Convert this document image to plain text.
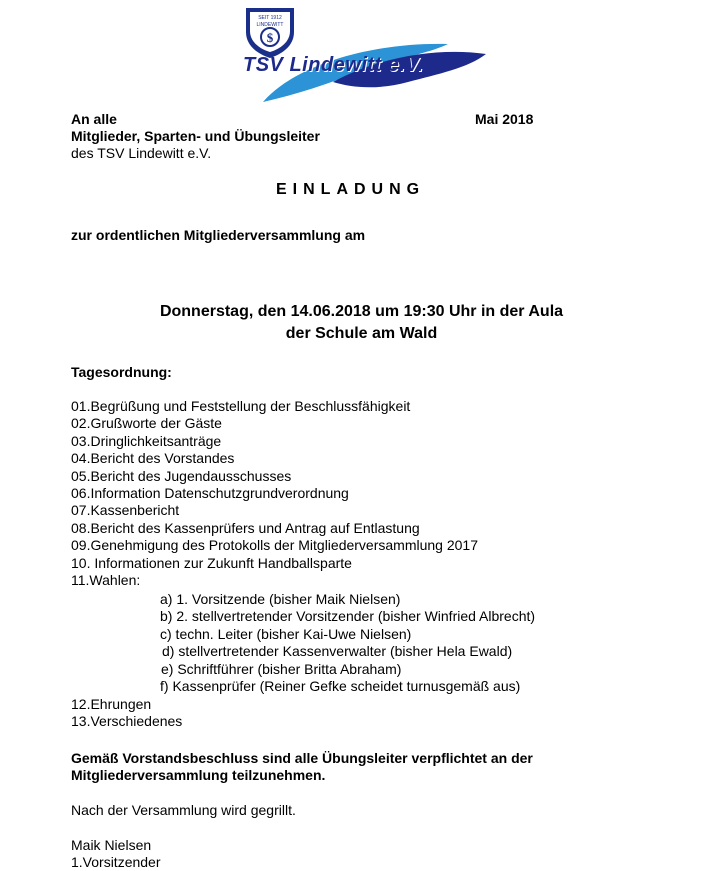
SEIT 1912
LINDEWITT
$
TSV Lindewitt e.V.
An alle
Mitglieder, Sparten- und Übungsleiter
des TSV Lindewitt e.V.
Mai 2018
EINLADUNG
zur ordentlichen Mitgliederversammlung am
Donnerstag, den 14.06.2018 um 19:30 Uhr in der Aula
der Schule am Wald
Tagesordnung:
01.Begrüßung und Feststellung der Beschlussfähigkeit
02.Grußworte der Gäste
03.Dringlichkeitsanträge
04.Bericht des Vorstandes
05.Bericht des Jugendausschusses
06.Information Datenschutzgrundverordnung
07.Kassenbericht
08.Bericht des Kassenprüfers und Antrag auf Entlastung
09.Genehmigung des Protokolls der Mitgliederversammlung 2017
10. Informationen zur Zukunft Handballsparte
11.Wahlen:
a) 1. Vorsitzende (bisher Maik Nielsen)
b) 2. stellvertretender Vorsitzender (bisher Winfried Albrecht)
c) techn. Leiter (bisher Kai-Uwe Nielsen)
d) stellvertretender Kassenverwalter (bisher Hela Ewald)
e) Schriftführer (bisher Britta Abraham)
f) Kassenprüfer (Reiner Gefke scheidet turnusgemäß aus)
12.Ehrungen
13.Verschiedenes
Gemäß Vorstandsbeschluss sind alle Übungsleiter verpflichtet an der
Mitgliederversammlung teilzunehmen.
Nach der Versammlung wird gegrillt.
Maik Nielsen
1.Vorsitzender
